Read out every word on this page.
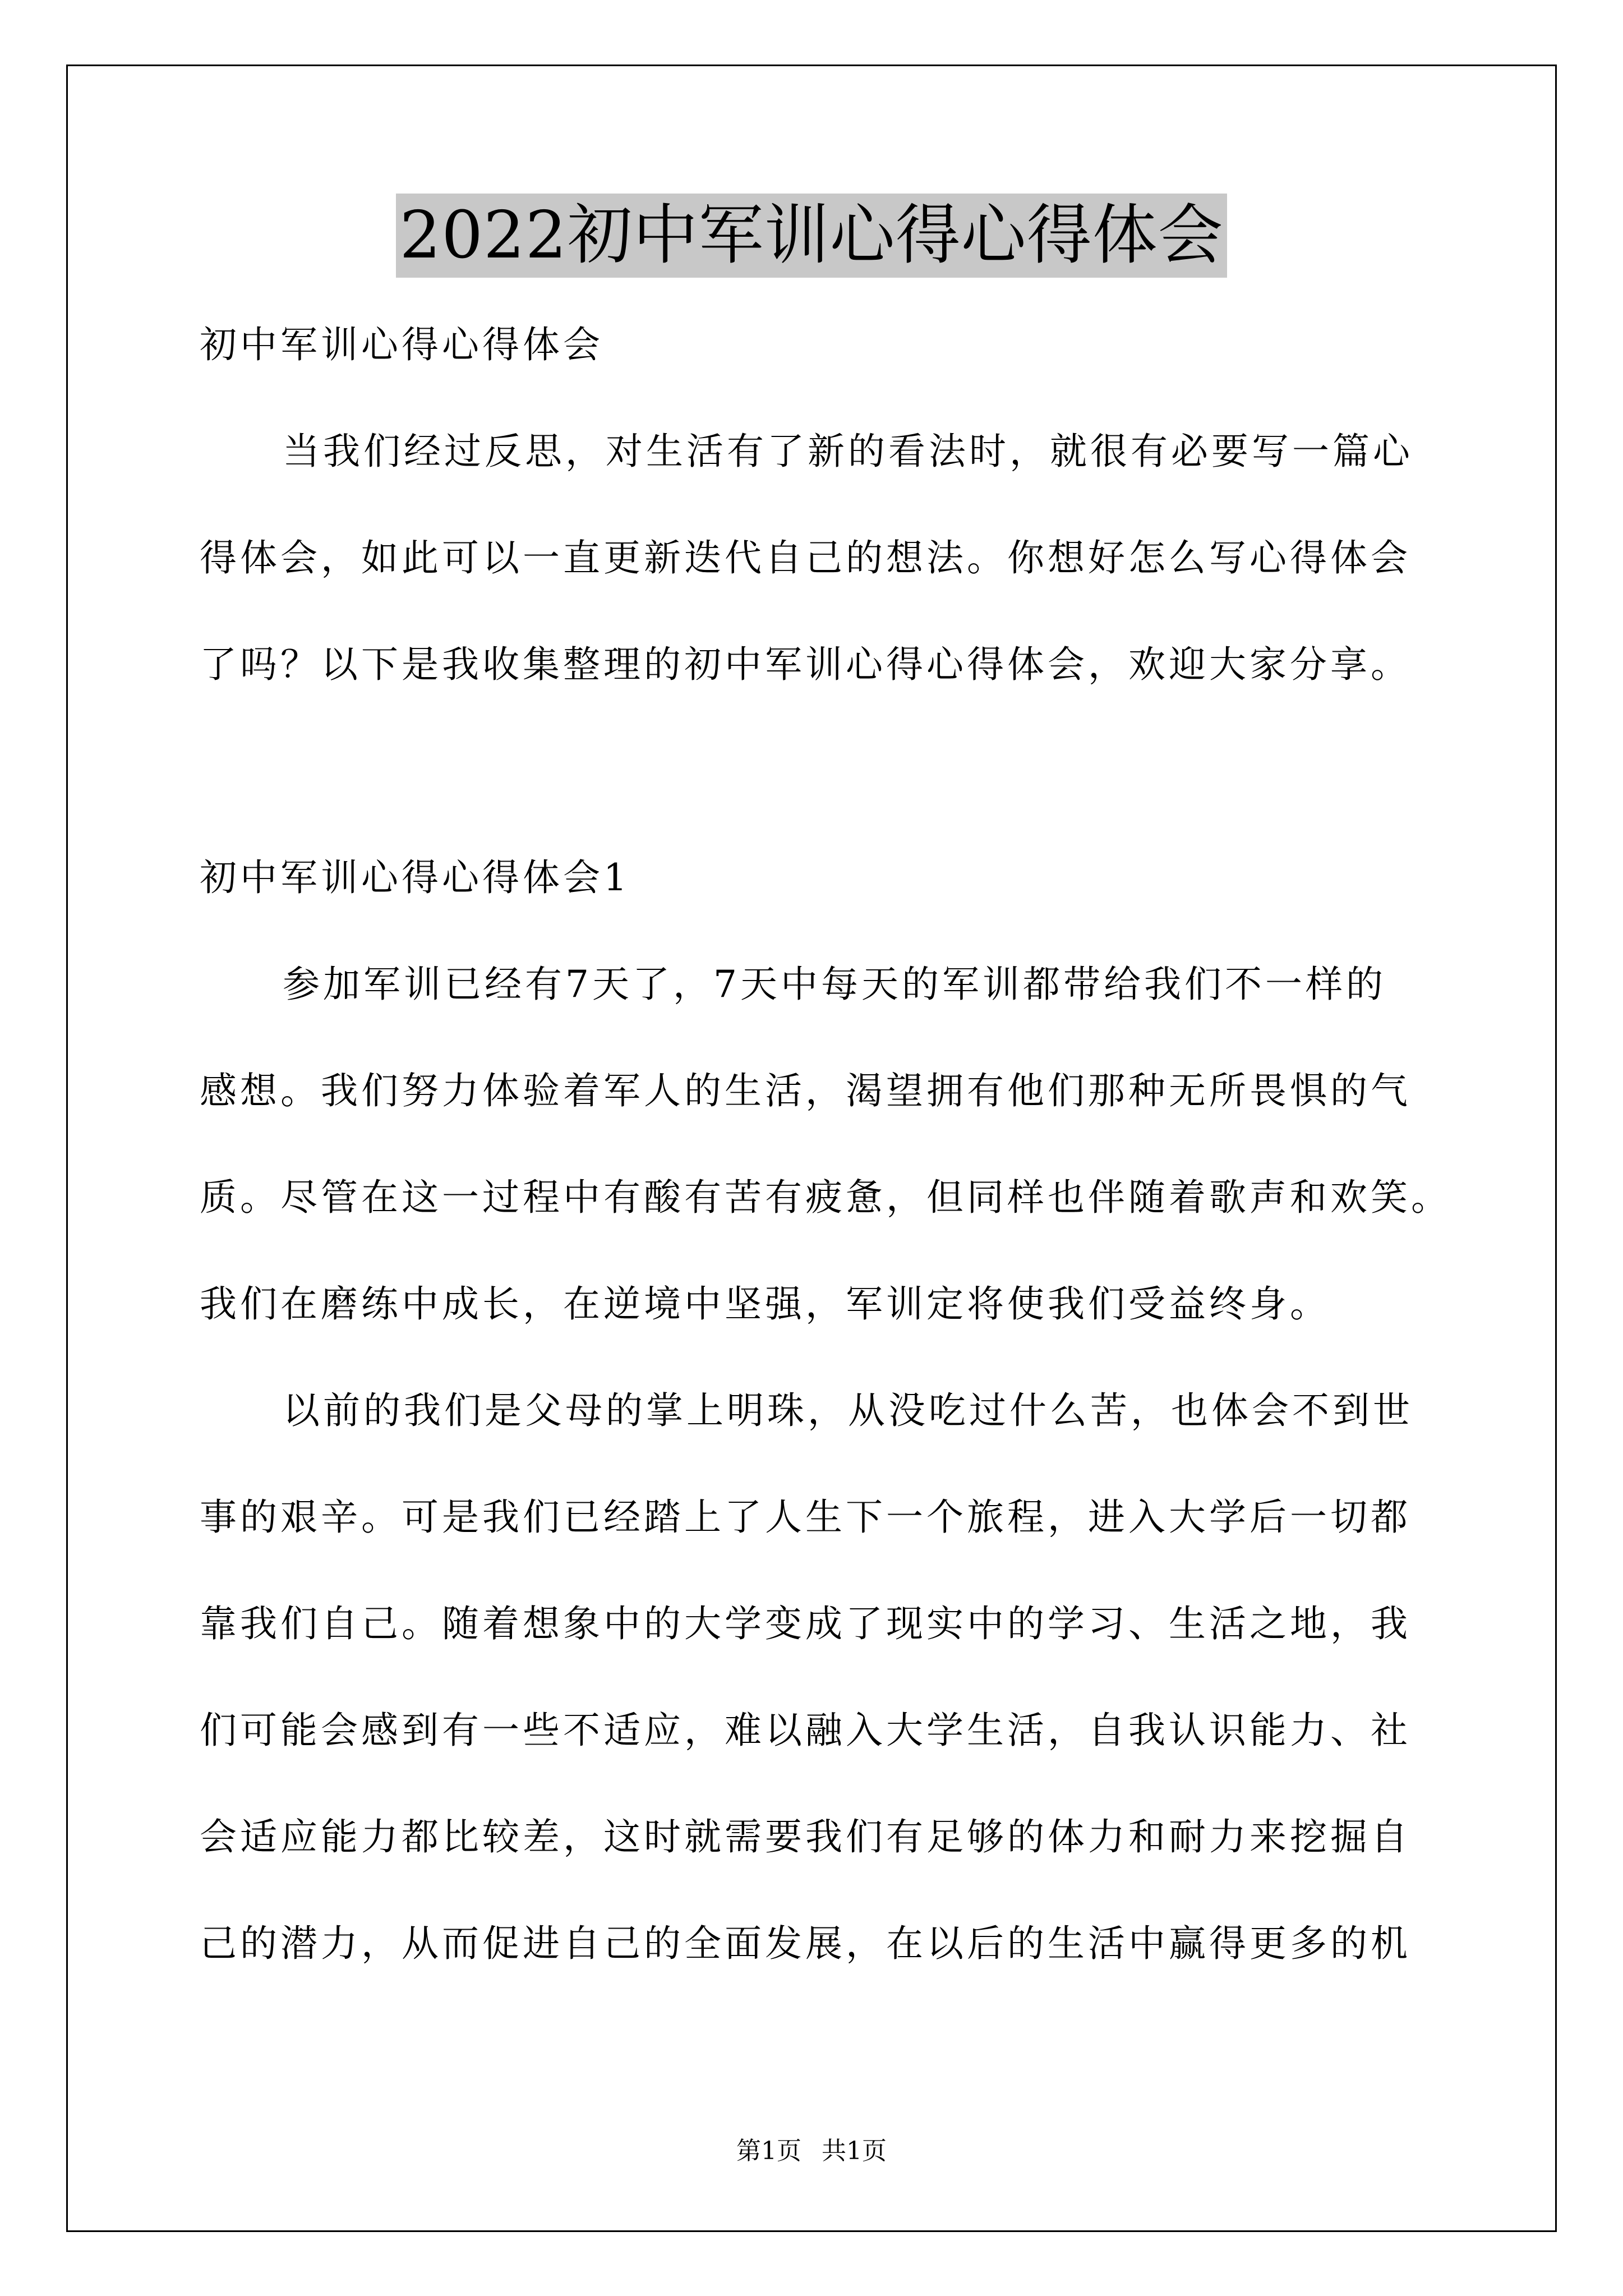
2022初中军训心得心得体会
初中军训心得心得体会
当我们经过反思，对生活有了新的看法时，就很有必要写一篇心
得体会，如此可以一直更新迭代自己的想法。你想好怎么写心得体会
了吗？以下是我收集整理的初中军训心得心得体会，欢迎大家分享。
初中军训心得心得体会1
参加军训已经有7天了，7天中每天的军训都带给我们不一样的
感想。我们努力体验着军人的生活，渴望拥有他们那种无所畏惧的气
质。尽管在这一过程中有酸有苦有疲惫，但同样也伴随着歌声和欢笑。
我们在磨练中成长，在逆境中坚强，军训定将使我们受益终身。
以前的我们是父母的掌上明珠，从没吃过什么苦，也体会不到世
事的艰辛。可是我们已经踏上了人生下一个旅程，进入大学后一切都
靠我们自己。随着想象中的大学变成了现实中的学习、生活之地，我
们可能会感到有一些不适应，难以融入大学生活，自我认识能力、社
会适应能力都比较差，这时就需要我们有足够的体力和耐力来挖掘自
己的潜力，从而促进自己的全面发展，在以后的生活中赢得更多的机
第1页 共1页
